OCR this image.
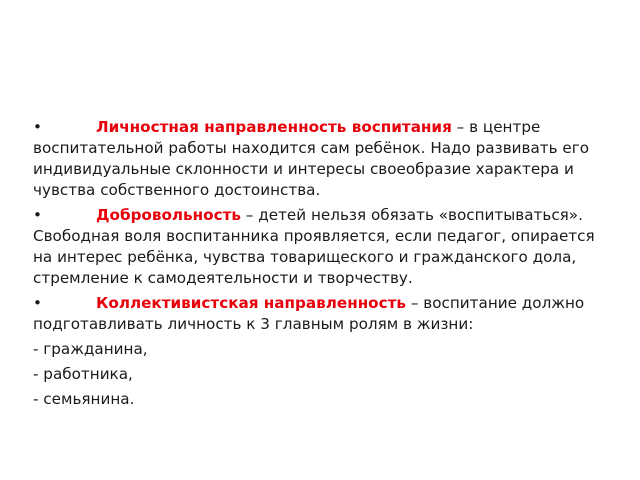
•	Личностная направленность воспитания – в центре воспитательной работы находится сам ребёнок. Надо развивать его индивидуальные склонности и интересы своеобразие характера и чувства собственного достоинства.

•	Добровольность – детей нельзя обязать «воспитываться». Свободная воля воспитанника проявляется, если педагог, опирается на интерес ребёнка, чувства товарищеского и гражданского дола, стремление к самодеятельности и творчеству.

•	Коллективистская направленность – воспитание должно подготавливать личность к 3 главным ролям в жизни:

- гражданина,
- работника,
- семьянина.
